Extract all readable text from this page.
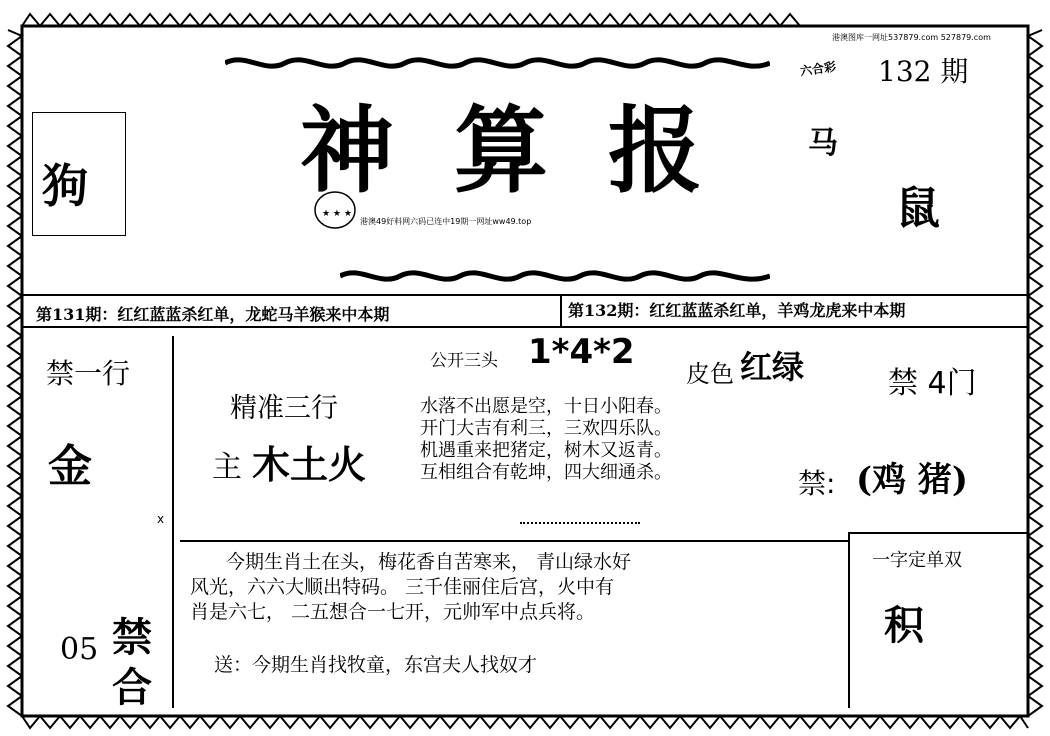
港澳图库一网址537879.com 527879.com
六合彩 132 期
狗 神算报
★ ★ ★
港澳49好料网六码已连中19期一网址ww49.top
马
鼠
第131期：红红蓝蓝杀红单，龙蛇马羊猴来中本期	第132期：红红蓝蓝杀红单，羊鸡龙虎来中本期
禁一行
金
05 禁
合
公开三头 1*4*2
皮色 红绿	禁 4门
精准三行
主 木土火
水落不出愿是空，十日小阳春。
开门大吉有利三，三欢四乐队。
机遇重来把猪定，树木又返青。
互相组合有乾坤，四大细通杀。	禁: (鸡 猪)
x
今期生肖土在头，梅花香自苦寒来， 青山绿水好
风光，六六大顺出特码。 三千佳丽住后宫，火中有
肖是六七， 二五想合一七开，元帅军中点兵将。
送：今期生肖找牧童，东宫夫人找奴才
一字定单双
积
